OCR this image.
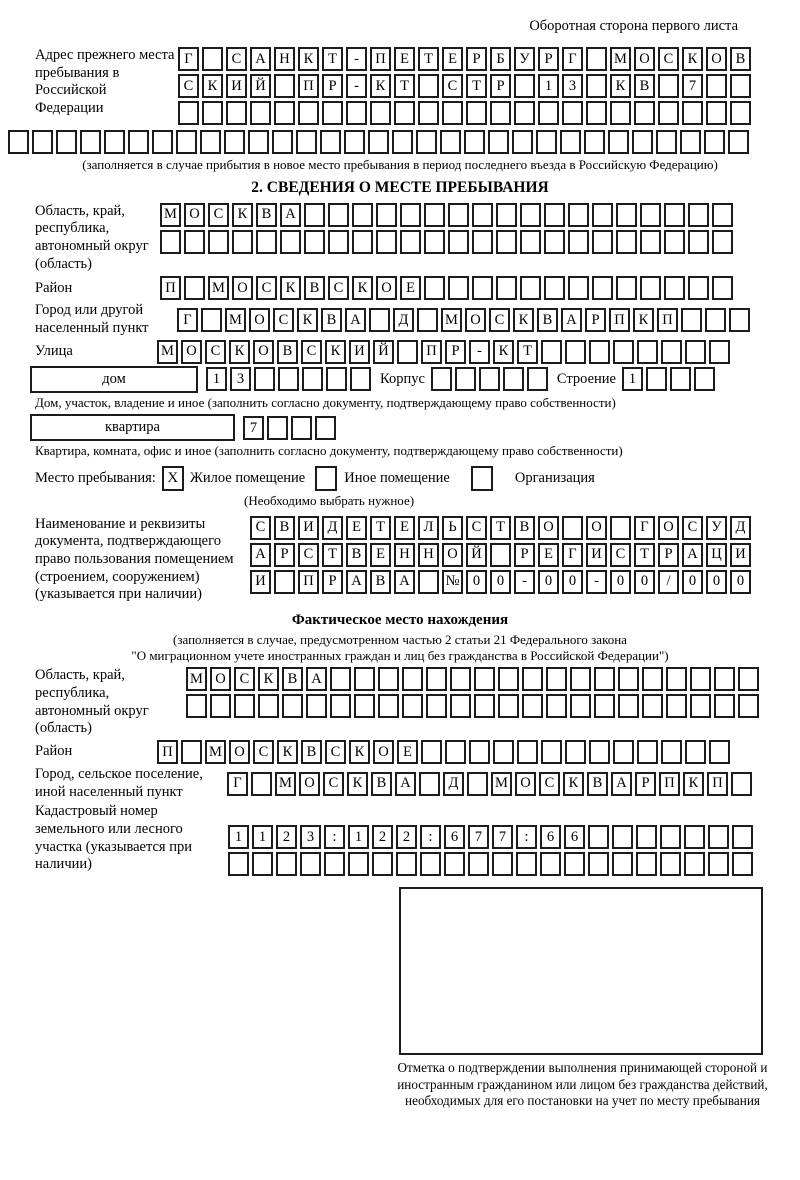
Оборотная сторона первого листа
Адрес прежнего места пребывания в Российской Федерации
Г	С А Н К	Т	-	П Е	Т	Е	Р	Б	У	Р	Г	М О С К О В
С К И Й	П	Р	-	К	Т	С	Т	Р	1	3	К В	7
(заполняется в случае прибытия в новое место пребывания в период последнего въезда в Российскую Федерацию)
2. СВЕДЕНИЯ О МЕСТЕ ПРЕБЫВАНИЯ
Область, край, республика, автономный округ (область)
М О С К В А
Район	П	М О С К В С К О Е
Город или другой населенный пункт
Г	М О С К В А	Д	М О С К В А	Р	П К П
Улица	М О С К О В С К И Й	П	Р	-	К	Т
дом	1	3	Корпус	Строение 1
Дом, участок, владение и иное (заполнить согласно документу, подтверждающему право собственности)
квартира	7
Квартира, комната, офис и иное (заполнить согласно документу, подтверждающему право собственности)
Место пребывания: X Жилое помещение	Иное помещение	Организация
(Необходимо выбрать нужное)
Наименование и реквизиты документа, подтверждающего право пользования помещением (строением, сооружением) (указывается при наличии)
С В И Д	Е	Т	Е	Л	Ь	С	Т	В О	О	Г	О С У Д
А	Р	С	Т	В	Е Н Н О Й	Р	Е	Г	И С	Т	Р	А Ц И
И	П	Р	А В А	№ 0	0	-	0	0	-	0	0	/	0	0	0
Фактическое место нахождения
(заполняется в случае, предусмотренном частью 2 статьи 21 Федерального закона
"О миграционном учете иностранных граждан и лиц без гражданства в Российской Федерации")
Область, край, республика, автономный округ (область)
М О С К В А
Район	П	М О С К В С К О Е
Город, сельское поселение, иной населенный пункт
Г	М О С К В А	Д	М О С К В А	Р	П К П
Кадастровый номер земельного или лесного участка (указывается при наличии)
1	1	2	3	:	1	2	2	:	6	7	7	:	6	6
Отметка о подтверждении выполнения принимающей стороной и иностранным гражданином или лицом без гражданства действий, необходимых для его постановки на учет по месту пребывания
